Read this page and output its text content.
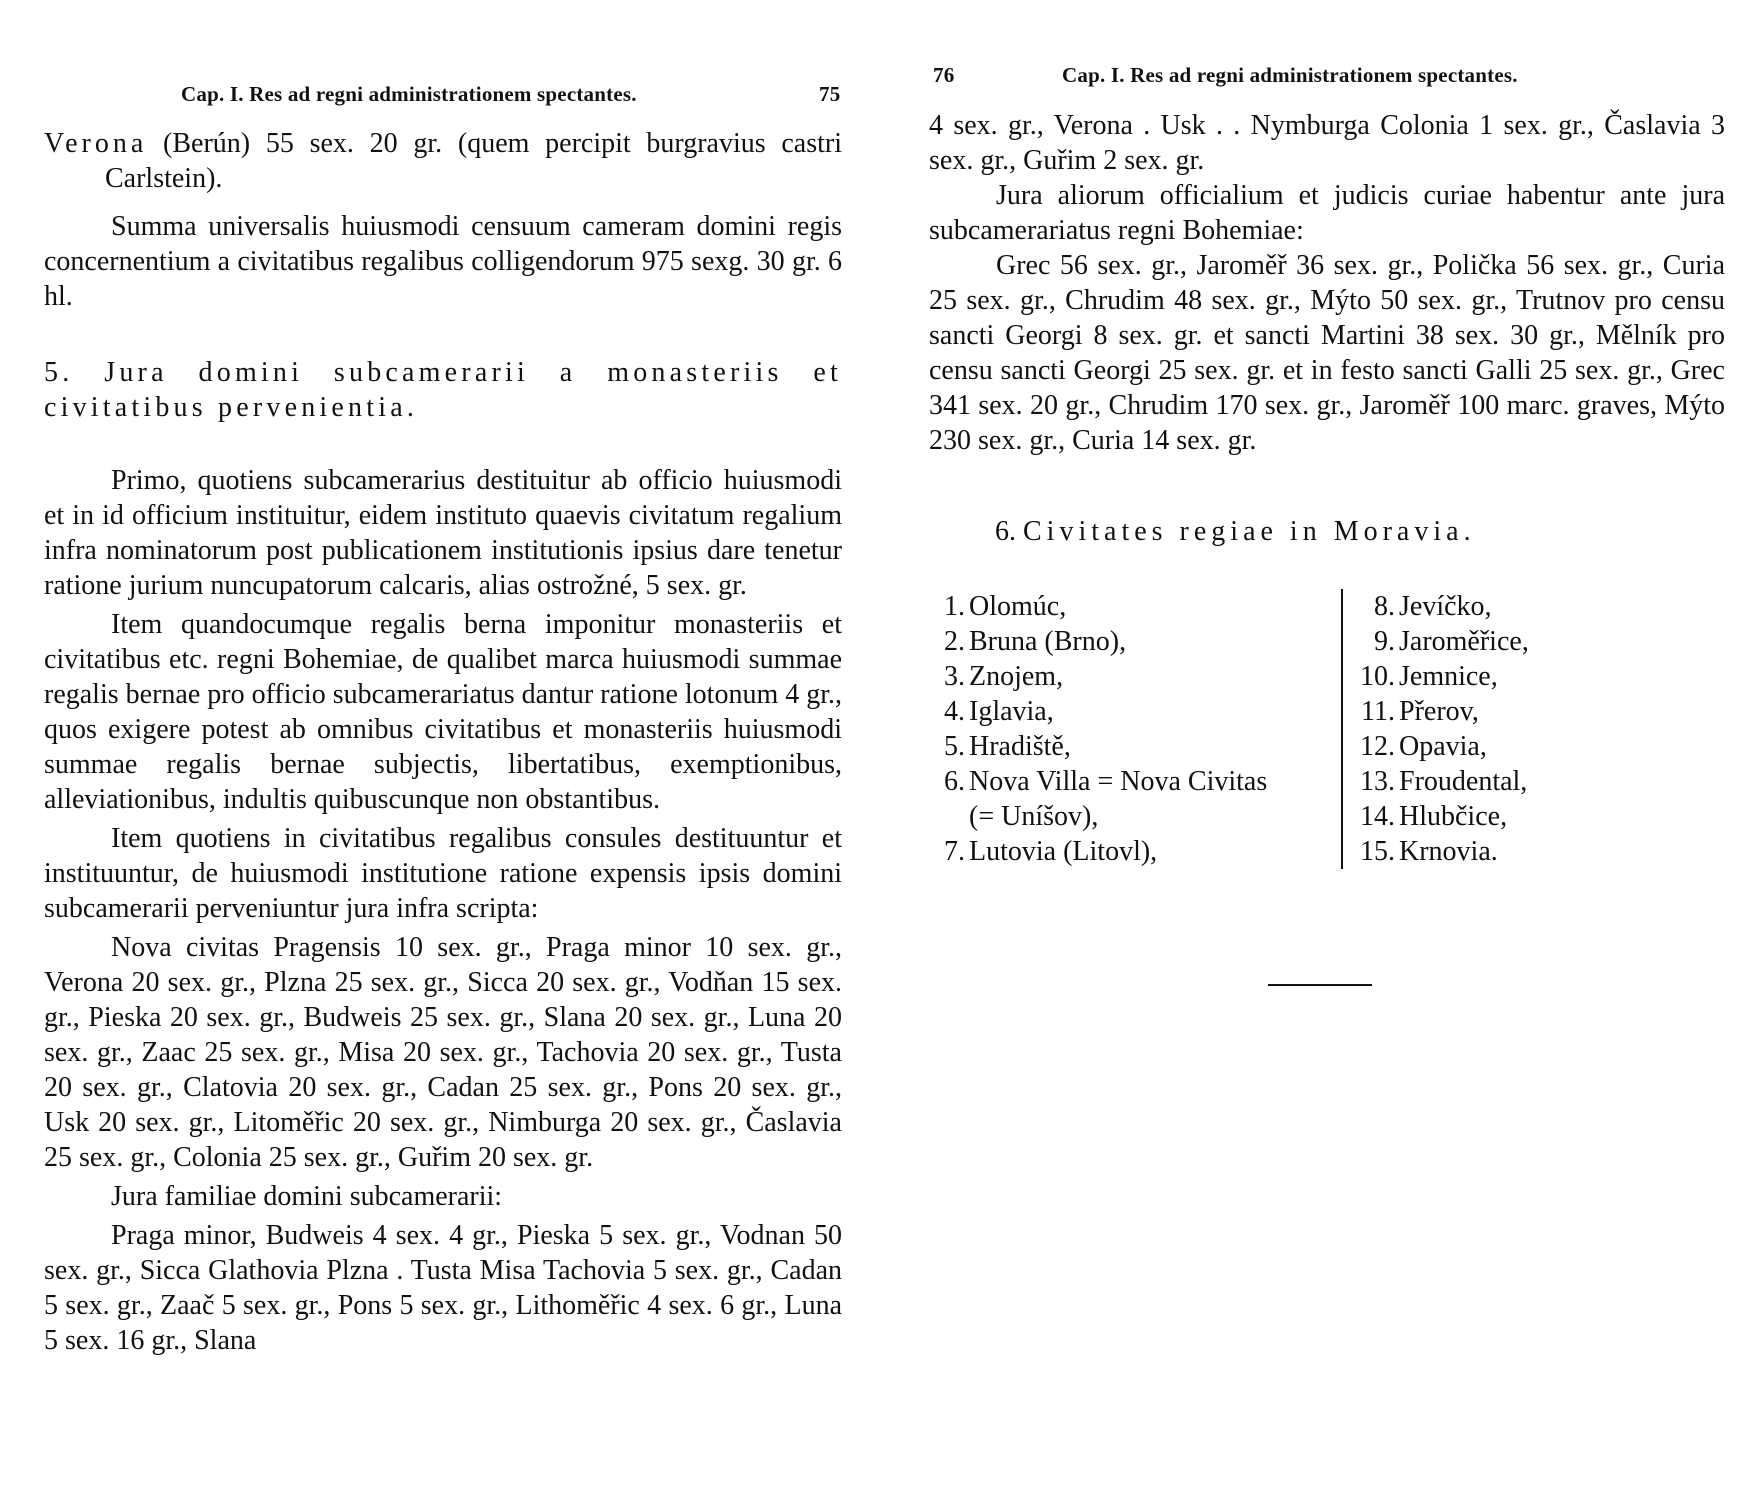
Cap. I. Res ad regni administrationem spectantes.	75

Verona (Berún) 55 sex. 20 gr. (quem percipit burgravius castri Carlstein).

Summa universalis huiusmodi censuum cameram domini regis concernentium a civitatibus regalibus colligendorum 975 sexg. 30 gr. 6 hl.

5. Jura domini subcamerarii a monasteriis et civitatibus pervenientia.

Primo, quotiens subcamerarius destituitur ab officio huiusmodi et in id officium instituitur, eidem instituto quaevis civitatum regalium infra nominatorum post publicationem institutionis ipsius dare tenetur ratione jurium nuncupatorum calcaris, alias ostrožné, 5 sex. gr.

Item quandocumque regalis berna imponitur monasteriis et civitatibus etc. regni Bohemiae, de qualibet marca huiusmodi summae regalis bernae pro officio subcamerariatus dantur ratione lotonum 4 gr., quos exigere potest ab omnibus civitatibus et monasteriis huiusmodi summae regalis bernae subjectis, libertatibus, exemptionibus, alleviationibus, indultis quibuscunque non obstantibus.

Item quotiens in civitatibus regalibus consules destituuntur et instituuntur, de huiusmodi institutione ratione expensis ipsis domini subcamerarii perveniuntur jura infra scripta:

Nova civitas Pragensis 10 sex. gr., Praga minor 10 sex. gr., Verona 20 sex. gr., Plzna 25 sex. gr., Sicca 20 sex. gr., Vodňan 15 sex. gr., Pieska 20 sex. gr., Budweis 25 sex. gr., Slana 20 sex. gr., Luna 20 sex. gr., Zaac 25 sex. gr., Misa 20 sex. gr., Tachovia 20 sex. gr., Tusta 20 sex. gr., Clatovia 20 sex. gr., Cadan 25 sex. gr., Pons 20 sex. gr., Usk 20 sex. gr., Litoměřic 20 sex. gr., Nimburga 20 sex. gr., Časlavia 25 sex. gr., Colonia 25 sex. gr., Guřim 20 sex. gr.

Jura familiae domini subcamerarii:

Praga minor, Budweis 4 sex. 4 gr., Pieska 5 sex. gr., Vodnan 50 sex. gr., Sicca Glathovia Plzna . Tusta Misa Tachovia 5 sex. gr., Cadan 5 sex. gr., Zaač 5 sex. gr., Pons 5 sex. gr., Lithoměřic 4 sex. 6 gr., Luna 5 sex. 16 gr., Slana

76	Cap. I. Res ad regni administrationem spectantes.

4 sex. gr., Verona . Usk . . Nymburga Colonia 1 sex. gr., Časlavia 3 sex. gr., Guřim 2 sex. gr.

Jura aliorum officialium et judicis curiae habentur ante jura subcamerariatus regni Bohemiae:

Grec 56 sex. gr., Jaroměř 36 sex. gr., Polička 56 sex. gr., Curia 25 sex. gr., Chrudim 48 sex. gr., Mýto 50 sex. gr., Trutnov pro censu sancti Georgi 8 sex. gr. et sancti Martini 38 sex. 30 gr., Mělník pro censu sancti Georgi 25 sex. gr. et in festo sancti Galli 25 sex. gr., Grec 341 sex. 20 gr., Chrudim 170 sex. gr., Jaroměř 100 marc. graves, Mýto 230 sex. gr., Curia 14 sex. gr.

6. Civitates regiae in Moravia.

1. Olomúc,
2. Bruna (Brno),
3. Znojem,
4. Iglavia,
5. Hradiště,
6. Nova Villa = Nova Civitas
(= Uníšov),
7. Lutovia (Litovl),
8. Jevíčko,
9. Jaroměřice,
10. Jemnice,
11. Přerov,
12. Opavia,
13. Froudental,
14. Hlubčice,
15. Krnovia.
